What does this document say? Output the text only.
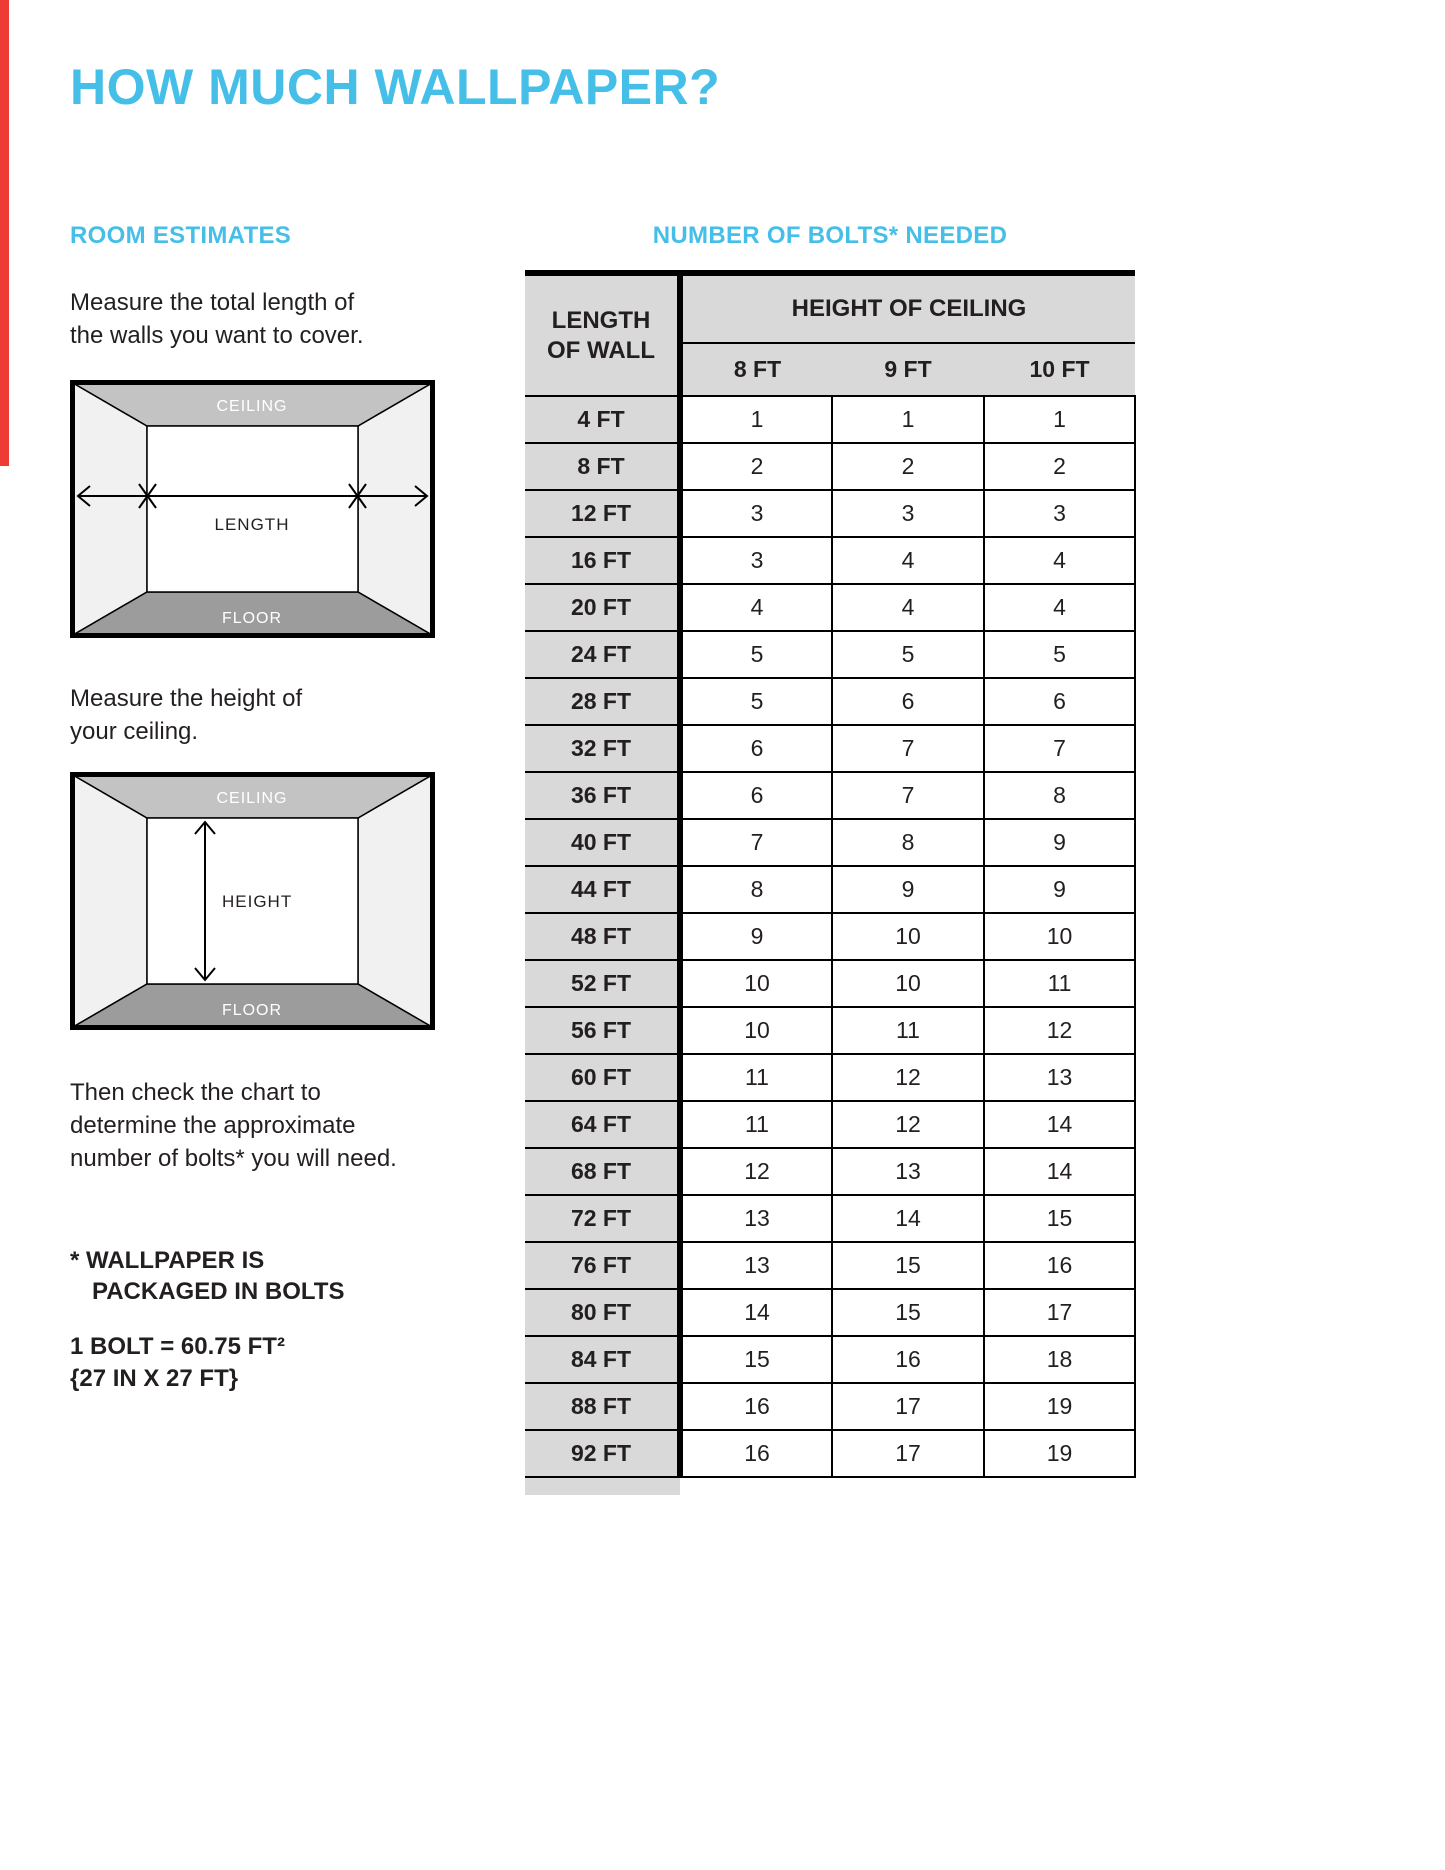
HOW MUCH WALLPAPER?
ROOM ESTIMATES
Measure the total length of
the walls you want to cover.
CEILING
FLOOR
LENGTH
Measure the height of
your ceiling.
CEILING
FLOOR
HEIGHT
Then check the chart to
determine the approximate
number of bolts* you will need.
* WALLPAPER IS
PACKAGED IN BOLTS
1 BOLT = 60.75 FT²
{27 IN X 27 FT}
NUMBER OF BOLTS* NEEDED
LENGTH
OF WALL	HEIGHT OF CEILING		
	8 FT	9 FT	10 FT
4 FT	1	1	1
8 FT	2	2	2
12 FT	3	3	3
16 FT	3	4	4
20 FT	4	4	4
24 FT	5	5	5
28 FT	5	6	6
32 FT	6	7	7
36 FT	6	7	8
40 FT	7	8	9
44 FT	8	9	9
48 FT	9	10	10
52 FT	10	10	11
56 FT	10	11	12
60 FT	11	12	13
64 FT	11	12	14
68 FT	12	13	14
72 FT	13	14	15
76 FT	13	15	16
80 FT	14	15	17
84 FT	15	16	18
88 FT	16	17	19
92 FT	16	17	19
